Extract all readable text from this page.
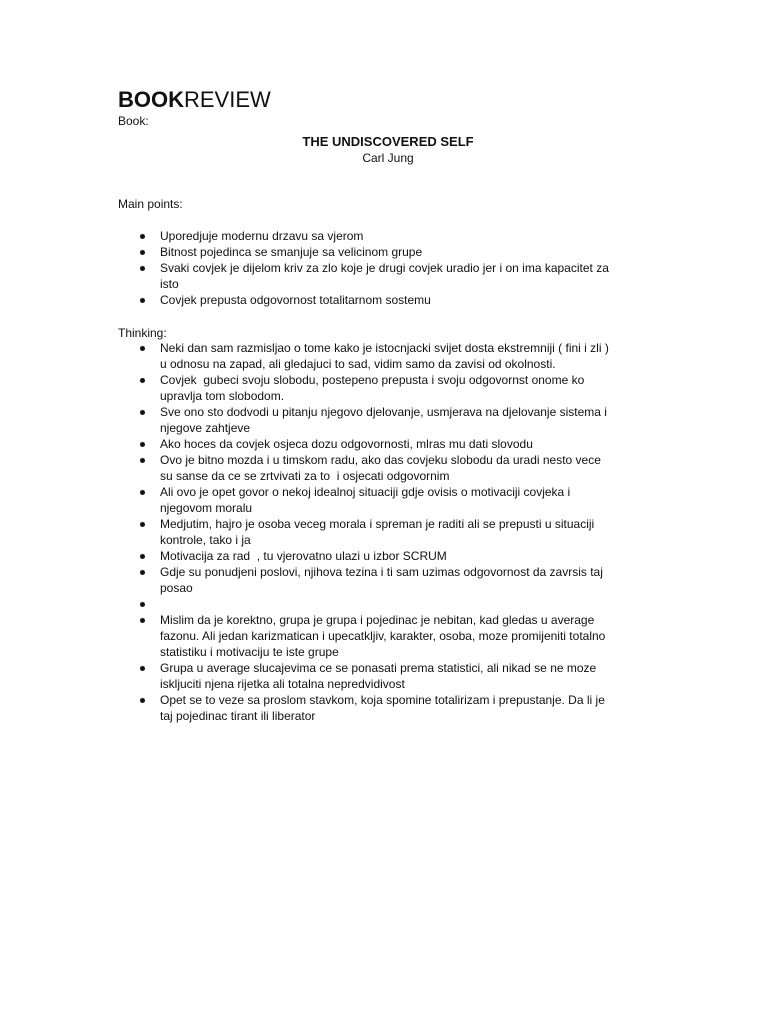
BOOKREVIEW

Book:

THE UNDISCOVERED SELF
Carl Jung
Main points:
Uporedjuje modernu drzavu sa vjerom
Bitnost pojedinca se smanjuje sa velicinom grupe
Svaki covjek je dijelom kriv za zlo koje je drugi covjek uradio jer i on ima kapacitet za
isto
Covjek prepusta odgovornost totalitarnom sostemu
Thinking:
Neki dan sam razmisljao o tome kako je istocnjacki svijet dosta ekstremniji ( fini i zli )
u odnosu na zapad, ali gledajuci to sad, vidim samo da zavisi od okolnosti.
Covjek  gubeci svoju slobodu, postepeno prepusta i svoju odgovornst onome ko
upravlja tom slobodom.
Sve ono sto dodvodi u pitanju njegovo djelovanje, usmjerava na djelovanje sistema i
njegove zahtjeve
Ako hoces da covjek osjeca dozu odgovornosti, mlras mu dati slovodu
Ovo je bitno mozda i u timskom radu, ako das covjeku slobodu da uradi nesto vece
su sanse da ce se zrtvivati za to  i osjecati odgovornim
Ali ovo je opet govor o nekoj idealnoj situaciji gdje ovisis o motivaciji covjeka i
njegovom moralu
Medjutim, hajro je osoba veceg morala i spreman je raditi ali se prepusti u situaciji
kontrole, tako i ja
Motivacija za rad  , tu vjerovatno ulazi u izbor SCRUM
Gdje su ponudjeni poslovi, njihova tezina i ti sam uzimas odgovornost da zavrsis taj
posao
Mislim da je korektno, grupa je grupa i pojedinac je nebitan, kad gledas u average
fazonu. Ali jedan karizmatican i upecatkljiv, karakter, osoba, moze promijeniti totalno
statistiku i motivaciju te iste grupe
Grupa u average slucajevima ce se ponasati prema statistici, ali nikad se ne moze
iskljuciti njena rijetka ali totalna nepredvidivost
Opet se to veze sa proslom stavkom, koja spomine totalirizam i prepustanje. Da li je
taj pojedinac tirant ili liberator
